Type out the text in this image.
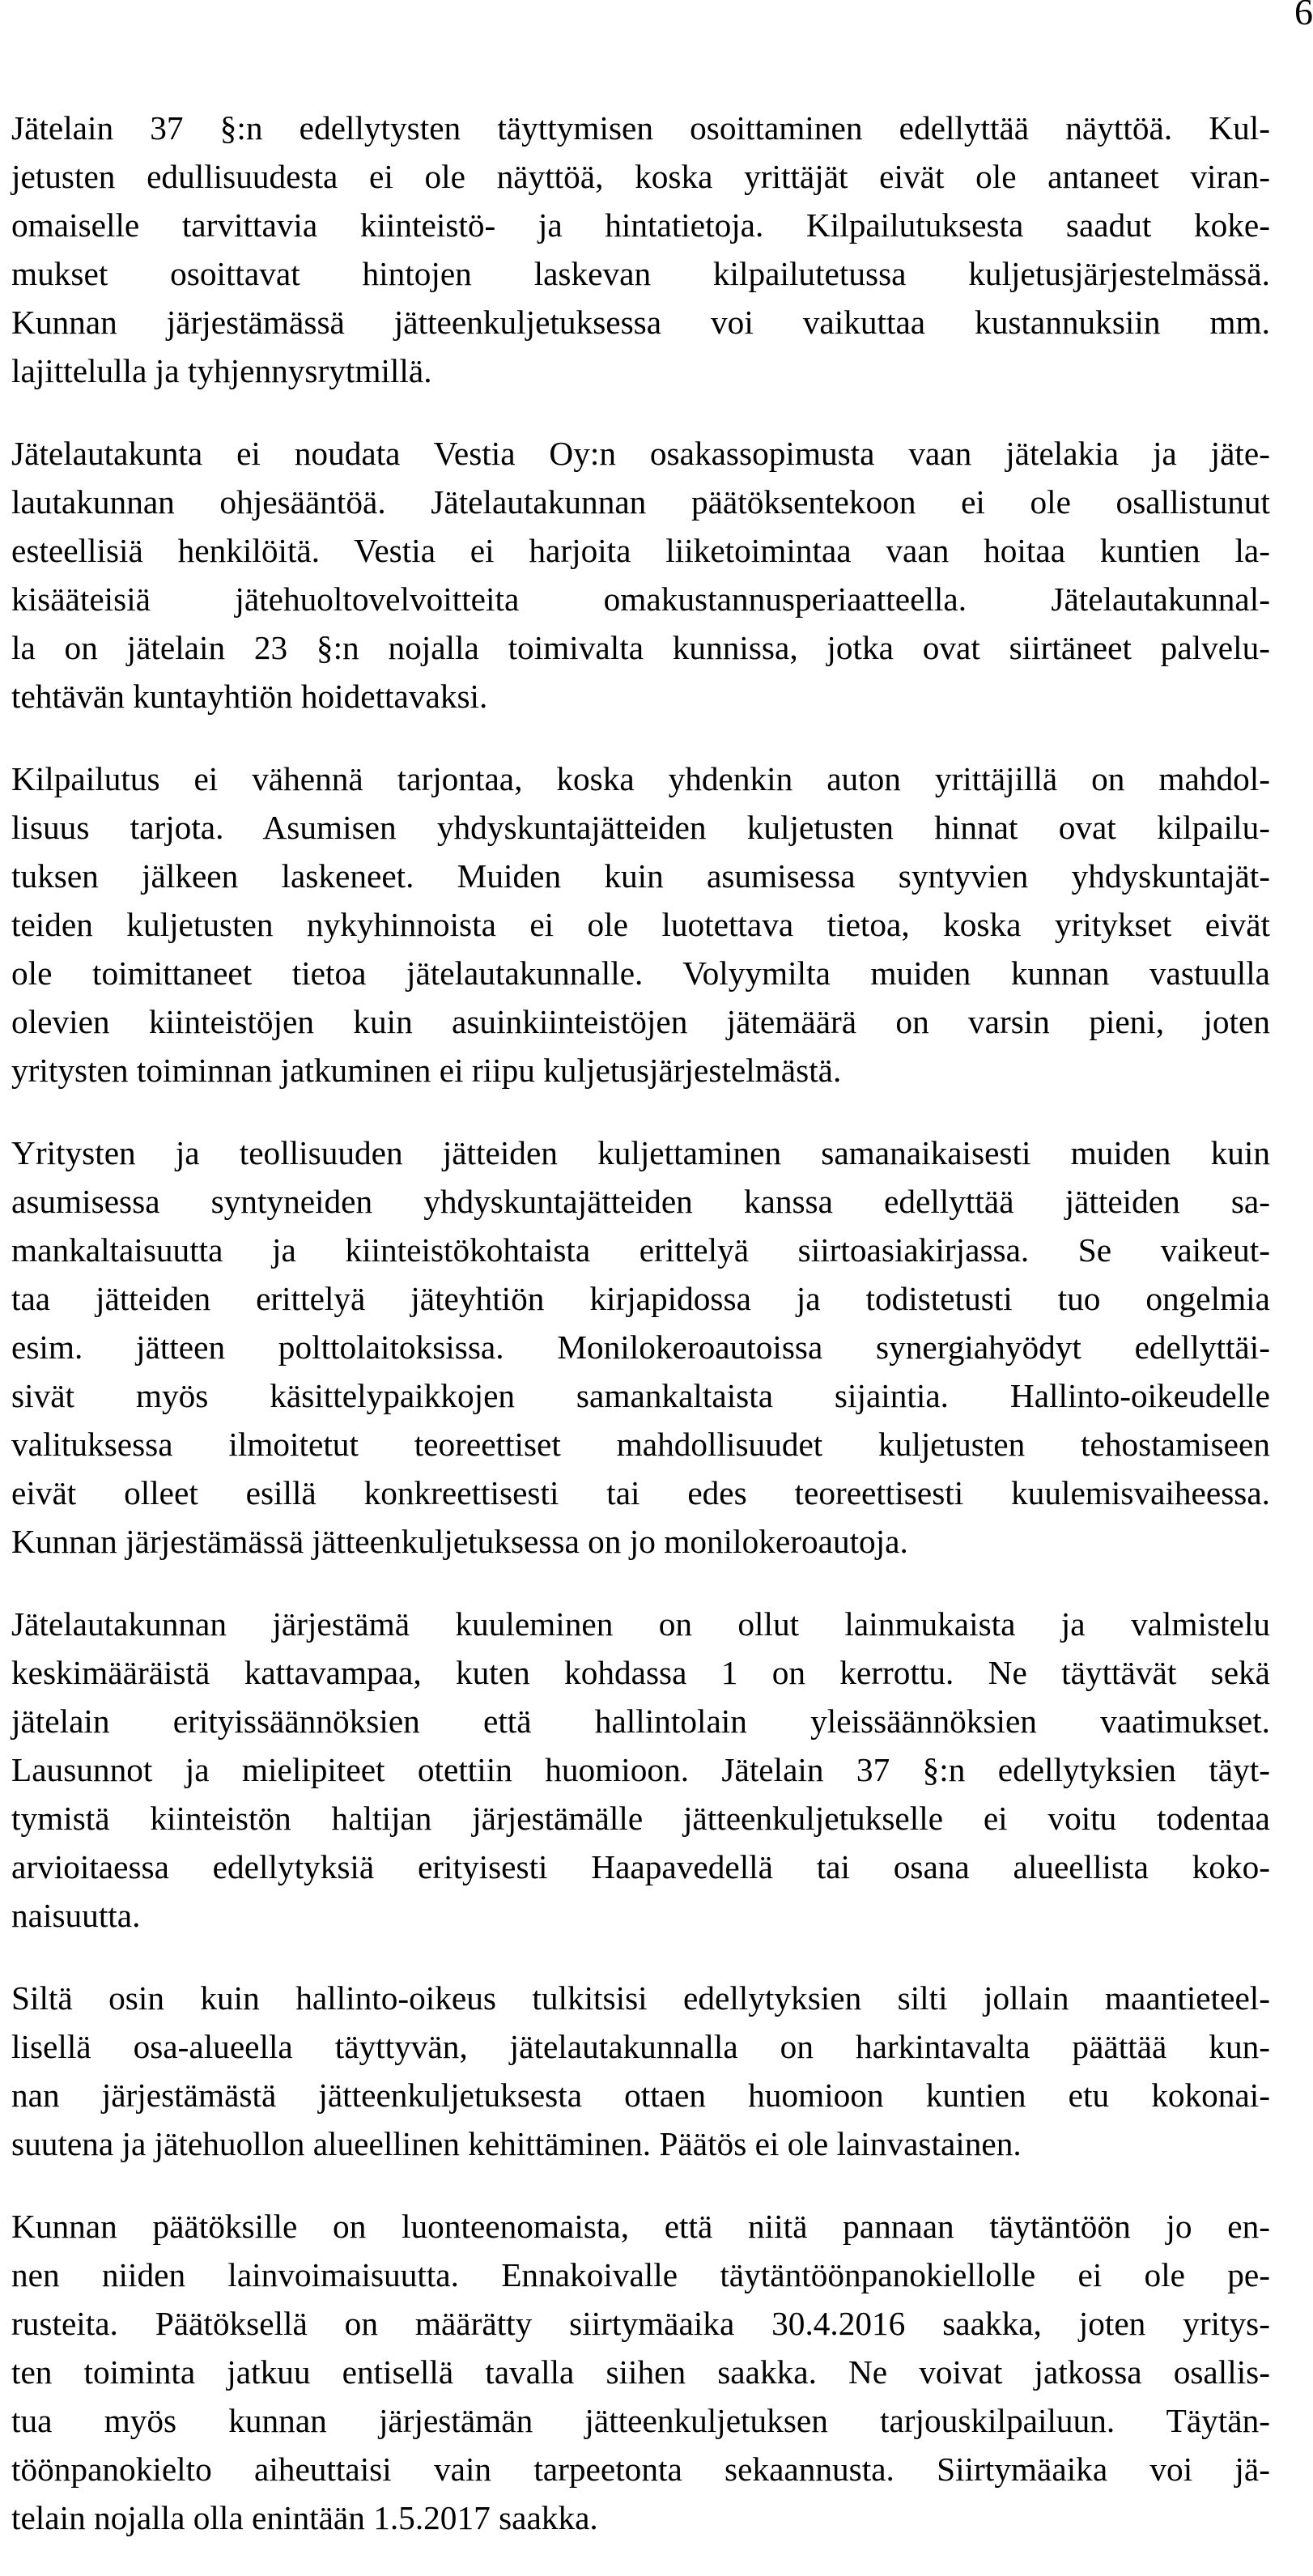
6

Jätelain 37 §:n edellytysten täyttymisen osoittaminen edellyttää näyttöä. Kul-
jetusten edullisuudesta ei ole näyttöä, koska yrittäjät eivät ole antaneet viran-
omaiselle tarvittavia kiinteistö- ja hintatietoja. Kilpailutuksesta saadut koke-
mukset osoittavat hintojen laskevan kilpailutetussa kuljetusjärjestelmässä.
Kunnan järjestämässä jätteenkuljetuksessa voi vaikuttaa kustannuksiin mm.
lajittelulla ja tyhjennysrytmillä.

Jätelautakunta ei noudata Vestia Oy:n osakassopimusta vaan jätelakia ja jäte-
lautakunnan ohjesääntöä. Jätelautakunnan päätöksentekoon ei ole osallistunut
esteellisiä henkilöitä. Vestia ei harjoita liiketoimintaa vaan hoitaa kuntien la-
kisääteisiä jätehuoltovelvoitteita omakustannusperiaatteella. Jätelautakunnal-
la on jätelain 23 §:n nojalla toimivalta kunnissa, jotka ovat siirtäneet palvelu-
tehtävän kuntayhtiön hoidettavaksi.

Kilpailutus ei vähennä tarjontaa, koska yhdenkin auton yrittäjillä on mahdol-
lisuus tarjota. Asumisen yhdyskuntajätteiden kuljetusten hinnat ovat kilpailu-
tuksen jälkeen laskeneet. Muiden kuin asumisessa syntyvien yhdyskuntajät-
teiden kuljetusten nykyhinnoista ei ole luotettava tietoa, koska yritykset eivät
ole toimittaneet tietoa jätelautakunnalle. Volyymilta muiden kunnan vastuulla
olevien kiinteistöjen kuin asuinkiinteistöjen jätemäärä on varsin pieni, joten
yritysten toiminnan jatkuminen ei riipu kuljetusjärjestelmästä.

Yritysten ja teollisuuden jätteiden kuljettaminen samanaikaisesti muiden kuin
asumisessa syntyneiden yhdyskuntajätteiden kanssa edellyttää jätteiden sa-
mankaltaisuutta ja kiinteistökohtaista erittelyä siirtoasiakirjassa. Se vaikeut-
taa jätteiden erittelyä jäteyhtiön kirjapidossa ja todistetusti tuo ongelmia
esim. jätteen polttolaitoksissa. Monilokeroautoissa synergiahyödyt edellyttäi-
sivät myös käsittelypaikkojen samankaltaista sijaintia. Hallinto-oikeudelle
valituksessa ilmoitetut teoreettiset mahdollisuudet kuljetusten tehostamiseen
eivät olleet esillä konkreettisesti tai edes teoreettisesti kuulemisvaiheessa.
Kunnan järjestämässä jätteenkuljetuksessa on jo monilokeroautoja.

Jätelautakunnan järjestämä kuuleminen on ollut lainmukaista ja valmistelu
keskimääräistä kattavampaa, kuten kohdassa 1 on kerrottu. Ne täyttävät sekä
jätelain erityissäännöksien että hallintolain yleissäännöksien vaatimukset.
Lausunnot ja mielipiteet otettiin huomioon. Jätelain 37 §:n edellytyksien täyt-
tymistä kiinteistön haltijan järjestämälle jätteenkuljetukselle ei voitu todentaa
arvioitaessa edellytyksiä erityisesti Haapavedellä tai osana alueellista koko-
naisuutta.

Siltä osin kuin hallinto-oikeus tulkitsisi edellytyksien silti jollain maantieteel-
lisellä osa-alueella täyttyvän, jätelautakunnalla on harkintavalta päättää kun-
nan järjestämästä jätteenkuljetuksesta ottaen huomioon kuntien etu kokonai-
suutena ja jätehuollon alueellinen kehittäminen. Päätös ei ole lainvastainen.

Kunnan päätöksille on luonteenomaista, että niitä pannaan täytäntöön jo en-
nen niiden lainvoimaisuutta. Ennakoivalle täytäntöönpanokiellolle ei ole pe-
rusteita. Päätöksellä on määrätty siirtymäaika 30.4.2016 saakka, joten yritys-
ten toiminta jatkuu entisellä tavalla siihen saakka. Ne voivat jatkossa osallis-
tua myös kunnan järjestämän jätteenkuljetuksen tarjouskilpailuun. Täytän-
töönpanokielto aiheuttaisi vain tarpeetonta sekaannusta. Siirtymäaika voi jä-
telain nojalla olla enintään 1.5.2017 saakka.
